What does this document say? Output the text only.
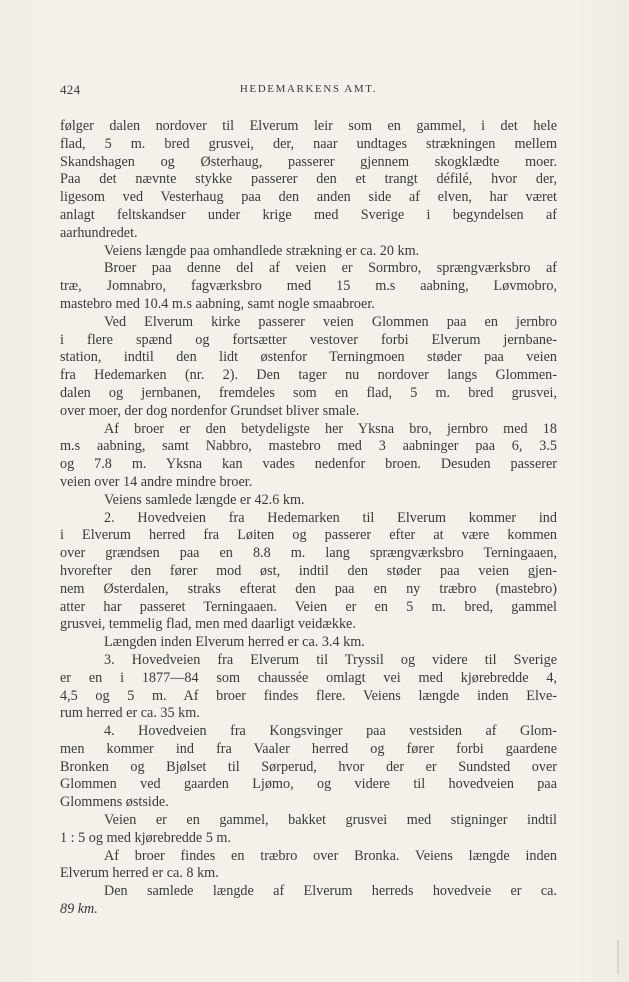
424	HEDEMARKENS AMT.
følger dalen nordover til Elverum leir som en gammel, i det hele
flad, 5 m. bred grusvei, der, naar undtages strækningen mellem
Skandshagen og Østerhaug, passerer gjennem skogklædte moer.
Paa det nævnte stykke passerer den et trangt défilé, hvor der,
ligesom ved Vesterhaug paa den anden side af elven, har været
anlagt feltskandser under krige med Sverige i begyndelsen af
aarhundredet.
Veiens længde paa omhandlede strækning er ca. 20 km.
Broer paa denne del af veien er Sormbro, sprængværksbro af
træ, Jomnabro, fagværksbro med 15 m.s aabning, Løvmobro,
mastebro med 10.4 m.s aabning, samt nogle smaabroer.
Ved Elverum kirke passerer veien Glommen paa en jernbro
i flere spænd og fortsætter vestover forbi Elverum jernbane-
station, indtil den lidt østenfor Terningmoen støder paa veien
fra Hedemarken (nr. 2). Den tager nu nordover langs Glommen-
dalen og jernbanen, fremdeles som en flad, 5 m. bred grusvei,
over moer, der dog nordenfor Grundset bliver smale.
Af broer er den betydeligste her Yksna bro, jernbro med 18
m.s aabning, samt Nabbro, mastebro med 3 aabninger paa 6, 3.5
og 7.8 m. Yksna kan vades nedenfor broen. Desuden passerer
veien over 14 andre mindre broer.
Veiens samlede længde er 42.6 km.
2. Hovedveien fra Hedemarken til Elverum kommer ind
i Elverum herred fra Løiten og passerer efter at være kommen
over grændsen paa en 8.8 m. lang sprængværksbro Terningaaen,
hvorefter den fører mod øst, indtil den støder paa veien gjen-
nem Østerdalen, straks efterat den paa en ny træbro (mastebro)
atter har passeret Terningaaen. Veien er en 5 m. bred, gammel
grusvei, temmelig flad, men med daarligt veidække.
Længden inden Elverum herred er ca. 3.4 km.
3. Hovedveien fra Elverum til Tryssil og videre til Sverige
er en i 1877—84 som chaussée omlagt vei med kjørebredde 4,
4,5 og 5 m. Af broer findes flere. Veiens længde inden Elve-
rum herred er ca. 35 km.
4. Hovedveien fra Kongsvinger paa vestsiden af Glom-
men kommer ind fra Vaaler herred og fører forbi gaardene
Bronken og Bjølset til Sørperud, hvor der er Sundsted over
Glommen ved gaarden Ljømo, og videre til hovedveien paa
Glommens østside.
Veien er en gammel, bakket grusvei med stigninger indtil
1 : 5 og med kjørebredde 5 m.
Af broer findes en træbro over Bronka. Veiens længde inden
Elverum herred er ca. 8 km.
Den samlede længde af Elverum herreds hovedveie er ca.
89 km.
